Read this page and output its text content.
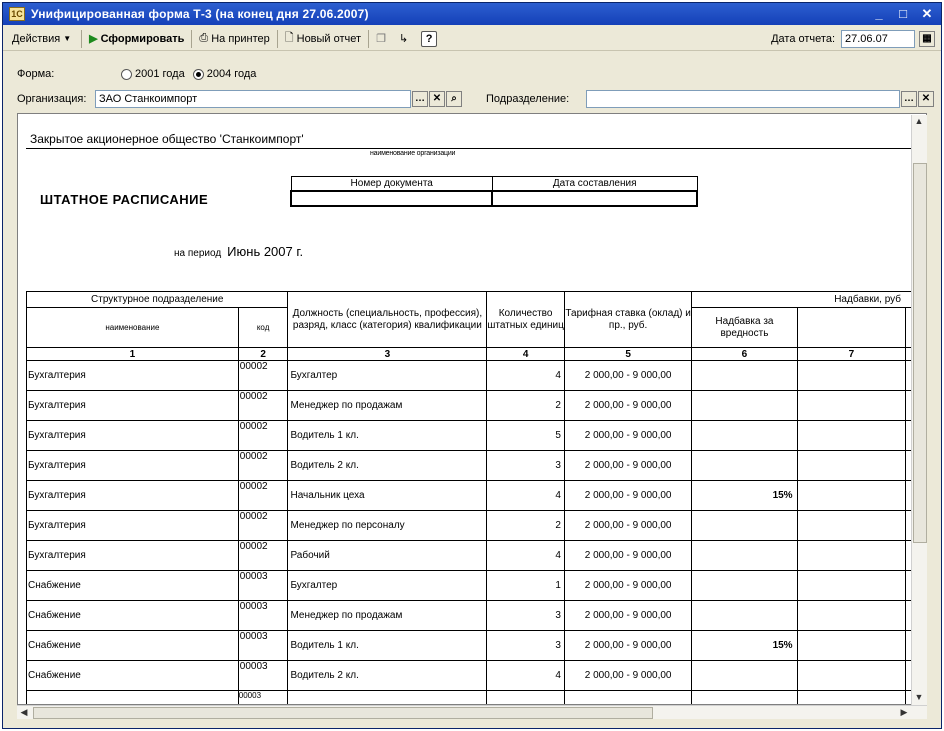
1С Унифицированная форма Т-3 (на конец дня 27.06.2007)	_	□	✕
Действия ▼ ▶ Сформировать ⎙ На принтер 🗋 Новый отчет ❐ ↳	?	Дата отчета: 27.06.07	▦
Форма:	2001 года 2004 года
Организация:	ЗАО Станкоимпорт	… ✕	⌕	Подразделение:	… ✕
Закрытое акционерное общество 'Станкоимпорт'
наименование организации
ШТАТНОЕ РАСПИСАНИЕ
Номер документа	Дата составления

на период Июнь 2007 г.
Структурное подразделение		Должность (специальность, профессия), разряд, класс (категория) квалификации	Количество штатных единиц	Тарифная ставка (оклад) и пр., руб.	Надбавки, руб		
наименование	код				Надбавка за вредность		
1	2	3	4	5	6	7	
Бухгалтерия	00002	Бухгалтер	4	2 000,00 - 9 000,00			
Бухгалтерия	00002	Менеджер по продажам	2	2 000,00 - 9 000,00			
Бухгалтерия	00002	Водитель 1 кл.	5	2 000,00 - 9 000,00			
Бухгалтерия	00002	Водитель 2 кл.	3	2 000,00 - 9 000,00			
Бухгалтерия	00002	Начальник цеха	4	2 000,00 - 9 000,00	15%		
Бухгалтерия	00002	Менеджер по персоналу	2	2 000,00 - 9 000,00			
Бухгалтерия	00002	Рабочий	4	2 000,00 - 9 000,00			
Снабжение	00003	Бухгалтер	1	2 000,00 - 9 000,00			
Снабжение	00003	Менеджер по продажам	3	2 000,00 - 9 000,00			
Снабжение	00003	Водитель 1 кл.	3	2 000,00 - 9 000,00	15%		
Снабжение	00003	Водитель 2 кл.	4	2 000,00 - 9 000,00			
	00003						
▲
▼
◀	▶
